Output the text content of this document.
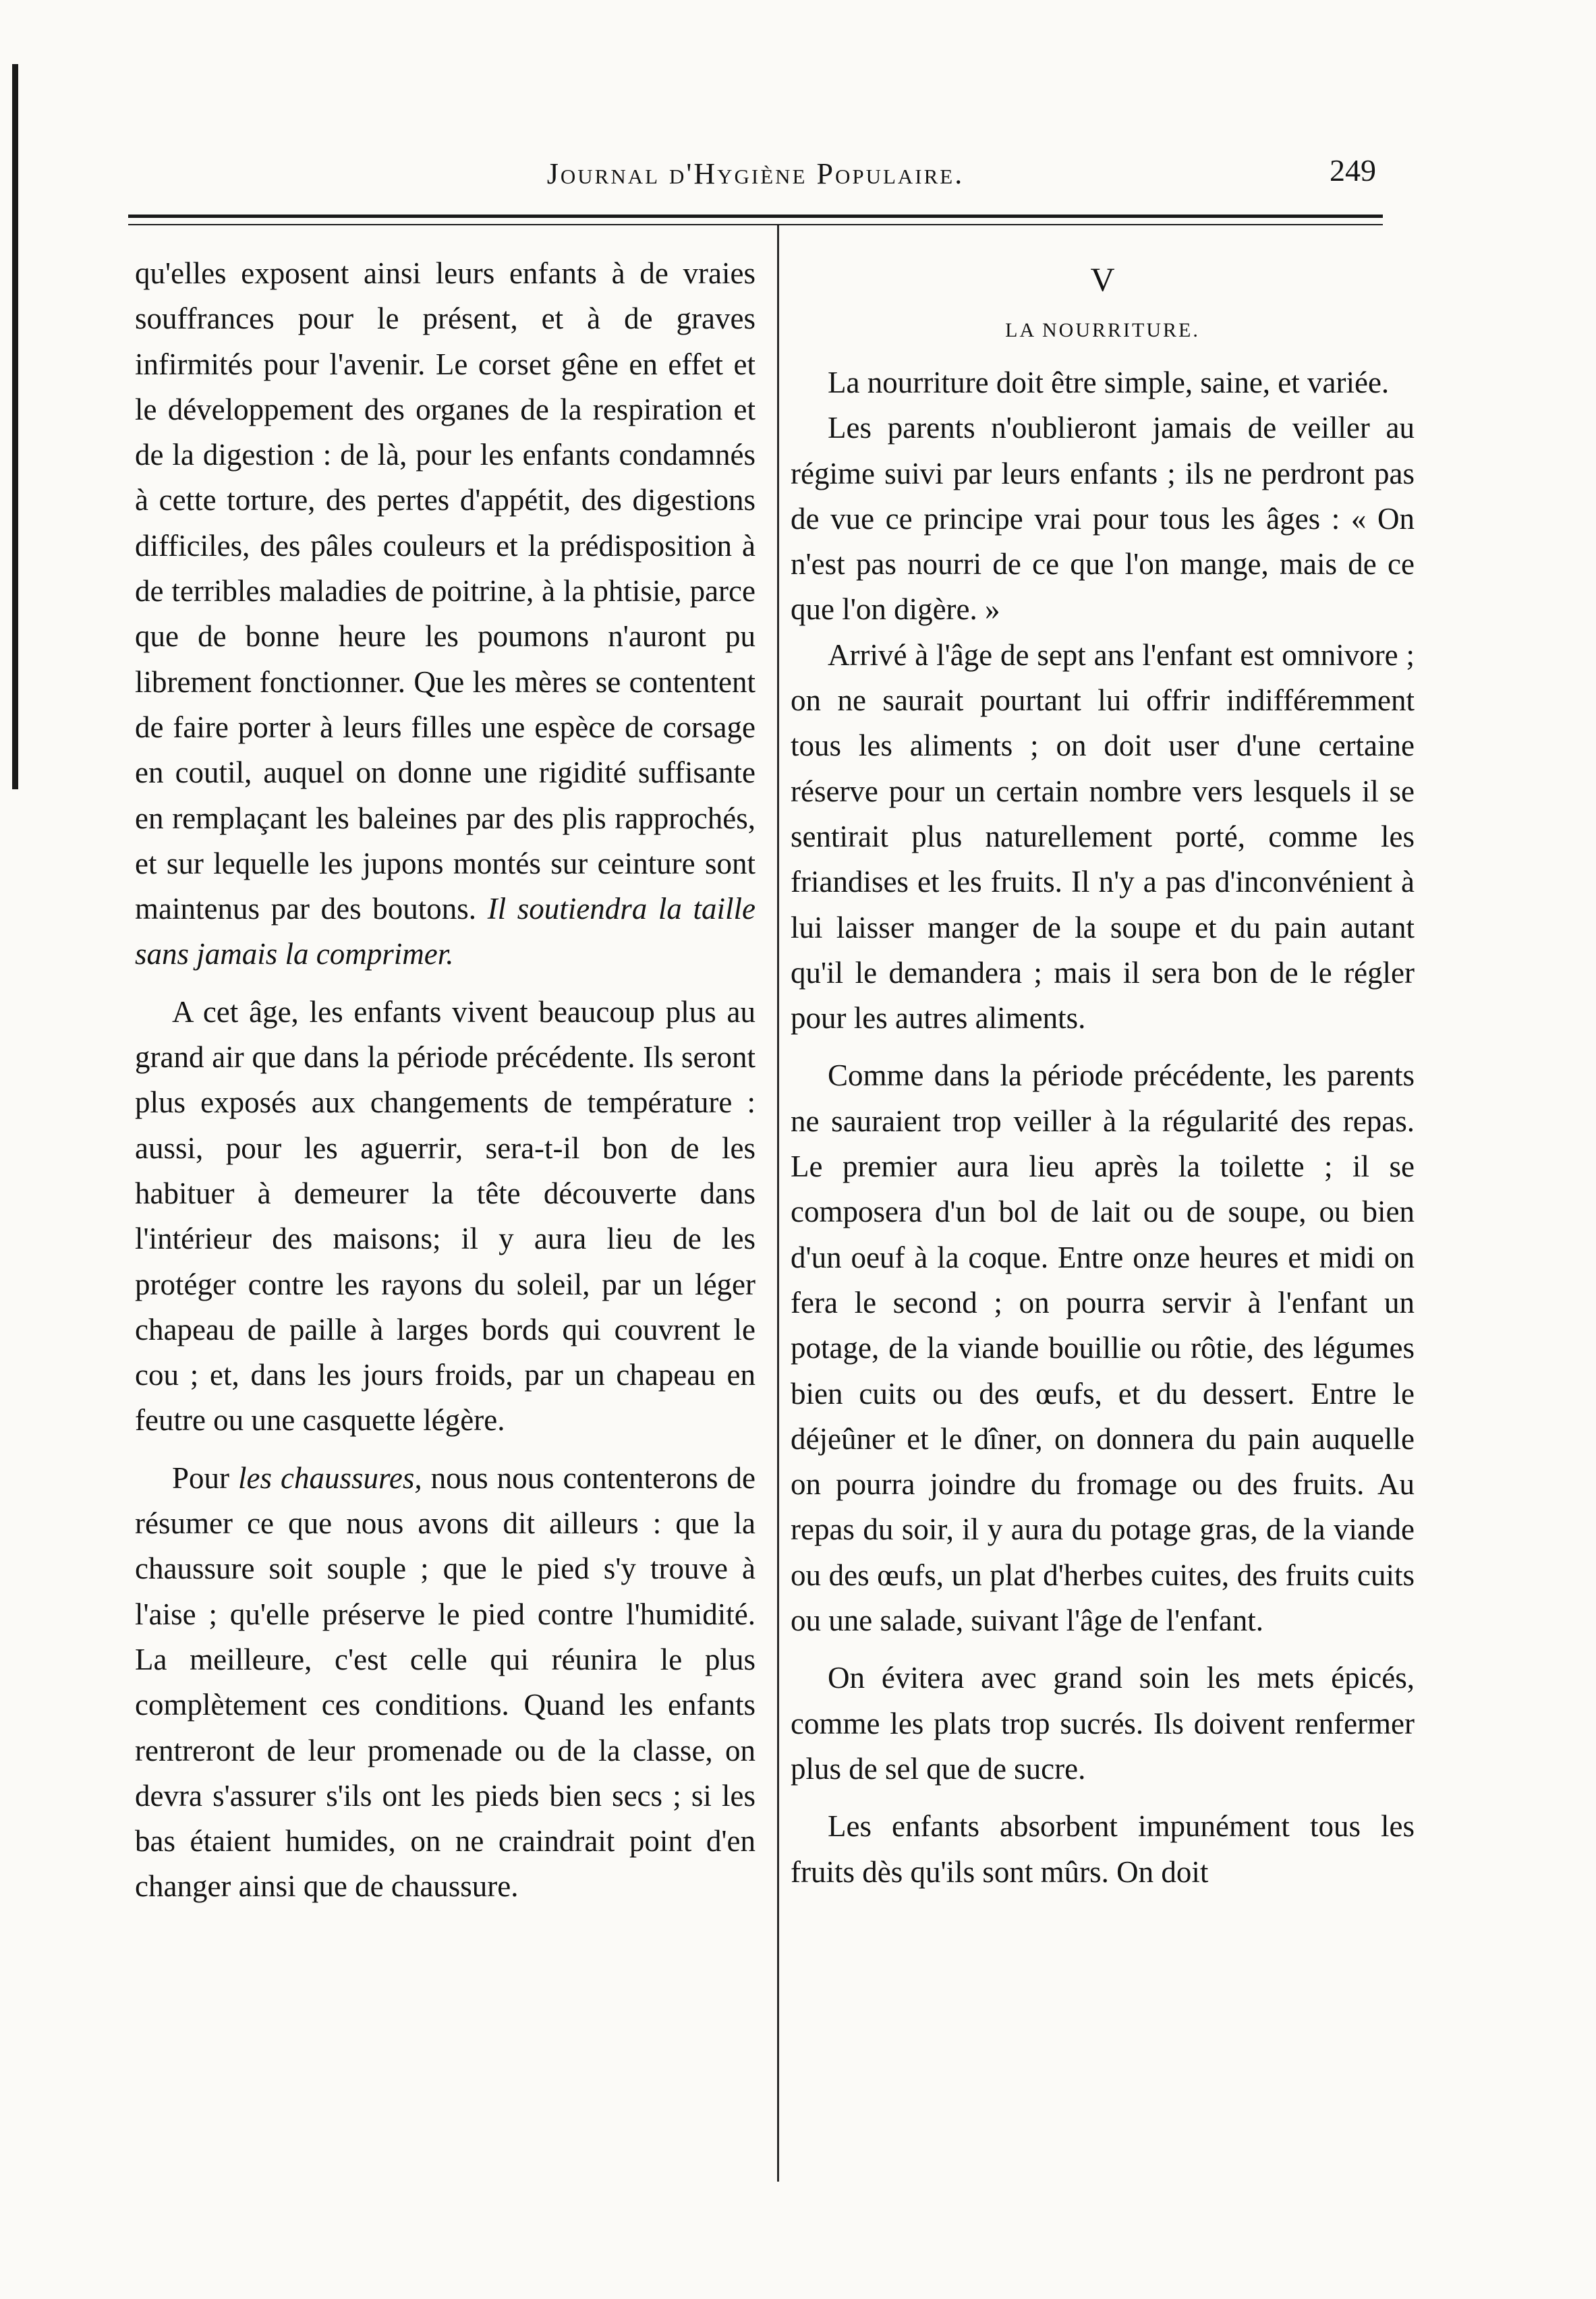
Journal d'Hygiène Populaire.	249

qu'elles exposent ainsi leurs enfants à de vraies souffrances pour le présent, et à de graves infirmités pour l'avenir. Le corset gêne en effet et le développement des organes de la respiration et de la digestion : de là, pour les enfants condamnés à cette torture, des pertes d'appétit, des digestions difficiles, des pâles couleurs et la prédisposition à de terribles maladies de poitrine, à la phtisie, parce que de bonne heure les poumons n'auront pu librement fonctionner. Que les mères se contentent de faire porter à leurs filles une espèce de corsage en coutil, auquel on donne une rigidité suffisante en remplaçant les baleines par des plis rapprochés, et sur lequelle les jupons montés sur ceinture sont maintenus par des boutons. Il soutiendra la taille sans jamais la comprimer.

A cet âge, les enfants vivent beaucoup plus au grand air que dans la période précédente. Ils seront plus exposés aux changements de température : aussi, pour les aguerrir, sera-t-il bon de les habituer à demeurer la tête découverte dans l'intérieur des maisons; il y aura lieu de les protéger contre les rayons du soleil, par un léger chapeau de paille à larges bords qui couvrent le cou ; et, dans les jours froids, par un chapeau en feutre ou une casquette légère.

Pour les chaussures, nous nous contenterons de résumer ce que nous avons dit ailleurs : que la chaussure soit souple ; que le pied s'y trouve à l'aise ; qu'elle préserve le pied contre l'humidité. La meilleure, c'est celle qui réunira le plus complètement ces conditions. Quand les enfants rentreront de leur promenade ou de la classe, on devra s'assurer s'ils ont les pieds bien secs ; si les bas étaient humides, on ne craindrait point d'en changer ainsi que de chaussure.

V
LA NOURRITURE.

La nourriture doit être simple, saine, et variée.

Les parents n'oublieront jamais de veiller au régime suivi par leurs enfants ; ils ne perdront pas de vue ce principe vrai pour tous les âges : « On n'est pas nourri de ce que l'on mange, mais de ce que l'on digère. »

Arrivé à l'âge de sept ans l'enfant est omnivore ; on ne saurait pourtant lui offrir indifféremment tous les aliments ; on doit user d'une certaine réserve pour un certain nombre vers lesquels il se sentirait plus naturellement porté, comme les friandises et les fruits. Il n'y a pas d'inconvénient à lui laisser manger de la soupe et du pain autant qu'il le demandera ; mais il sera bon de le régler pour les autres aliments.

Comme dans la période précédente, les parents ne sauraient trop veiller à la régularité des repas. Le premier aura lieu après la toilette ; il se composera d'un bol de lait ou de soupe, ou bien d'un oeuf à la coque. Entre onze heures et midi on fera le second ; on pourra servir à l'enfant un potage, de la viande bouillie ou rôtie, des légumes bien cuits ou des œufs, et du dessert. Entre le déjeûner et le dîner, on donnera du pain auquelle on pourra joindre du fromage ou des fruits. Au repas du soir, il y aura du potage gras, de la viande ou des œufs, un plat d'herbes cuites, des fruits cuits ou une salade, suivant l'âge de l'enfant.

On évitera avec grand soin les mets épicés, comme les plats trop sucrés. Ils doivent renfermer plus de sel que de sucre.

Les enfants absorbent impunément tous les fruits dès qu'ils sont mûrs. On doit
